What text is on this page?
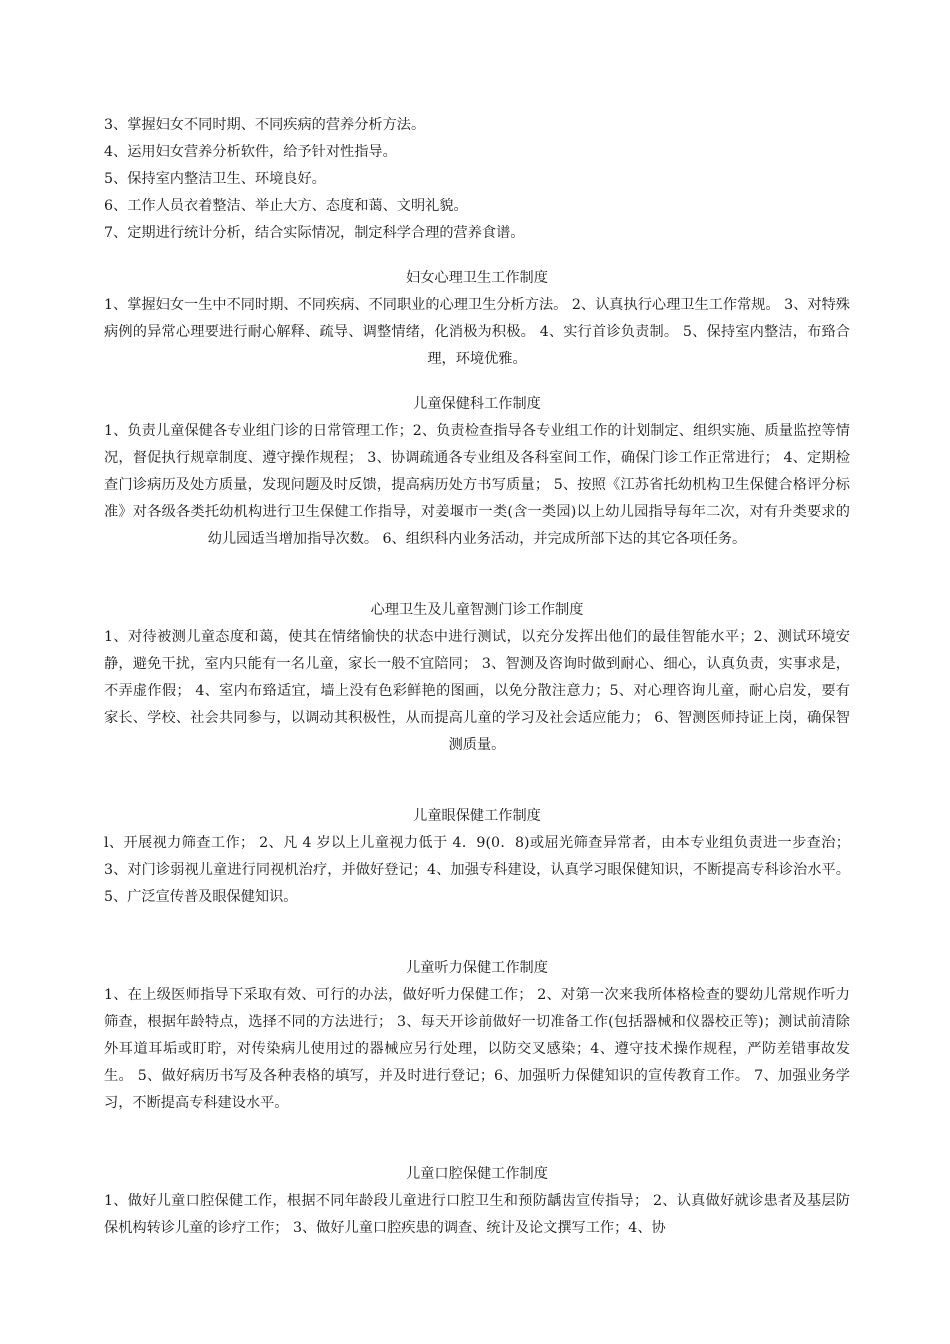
3、掌握妇女不同时期、不同疾病的营养分析方法。
4、运用妇女营养分析软件，给予针对性指导。
5、保持室内整洁卫生、环境良好。
6、工作人员衣着整洁、举止大方、态度和蔼、文明礼貌。
7、定期进行统计分析，结合实际情况，制定科学合理的营养食谱。
妇女心理卫生工作制度
1、掌握妇女一生中不同时期、不同疾病、不同职业的心理卫生分析方法。 2、认真执行心理卫生工作常规。 3、对特殊病例的异常心理要进行耐心解释、疏导、调整情绪，化消极为积极。 4、实行首诊负责制。 5、保持室内整洁，布臵合理，环境优雅。
儿童保健科工作制度
1、负责儿童保健各专业组门诊的日常管理工作；2、负责检查指导各专业组工作的计划制定、组织实施、质量监控等情况，督促执行规章制度、遵守操作规程； 3、协调疏通各专业组及各科室间工作，确保门诊工作正常进行； 4、定期检查门诊病历及处方质量，发现问题及时反馈，提高病历处方书写质量； 5、按照《江苏省托幼机构卫生保健合格评分标准》对各级各类托幼机构进行卫生保健工作指导，对姜堰市一类(含一类园)以上幼儿园指导每年二次，对有升类要求的幼儿园适当增加指导次数。 6、组织科内业务活动，并完成所部下达的其它各项任务。
心理卫生及儿童智测门诊工作制度
1、对待被测儿童态度和蔼，使其在情绪愉快的状态中进行测试，以充分发挥出他们的最佳智能水平；2、测试环境安静，避免干扰，室内只能有一名儿童，家长一般不宜陪同； 3、智测及咨询时做到耐心、细心，认真负责，实事求是，不弄虚作假； 4、室内布臵适宜，墙上没有色彩鲜艳的图画，以免分散注意力；5、对心理咨询儿童，耐心启发，要有家长、学校、社会共同参与，以调动其积极性，从而提高儿童的学习及社会适应能力； 6、智测医师持证上岗，确保智测质量。
儿童眼保健工作制度
l、开展视力筛查工作； 2、凡 4 岁以上儿童视力低于 4．9(0．8)或屈光筛查异常者，由本专业组负责进一步查治； 3、对门诊弱视儿童进行同视机治疗，并做好登记；4、加强专科建设，认真学习眼保健知识，不断提高专科诊治水平。 5、广泛宣传普及眼保健知识。
儿童听力保健工作制度
1、在上级医师指导下采取有效、可行的办法，做好听力保健工作； 2、对第一次来我所体格检查的婴幼儿常规作听力筛查，根据年龄特点，选择不同的方法进行； 3、每天开诊前做好一切准备工作(包括器械和仪器校正等)；测试前清除外耳道耳垢或盯聍，对传染病儿使用过的器械应另行处理，以防交叉感染；4、遵守技术操作规程，严防差错事故发生。 5、做好病历书写及各种表格的填写，并及时进行登记；6、加强听力保健知识的宣传教育工作。 7、加强业务学习，不断提高专科建设水平。
儿童口腔保健工作制度
1、做好儿童口腔保健工作，根据不同年龄段儿童进行口腔卫生和预防龋齿宣传指导； 2、认真做好就诊患者及基层防保机构转诊儿童的诊疗工作； 3、做好儿童口腔疾患的调查、统计及论文撰写工作；4、协
